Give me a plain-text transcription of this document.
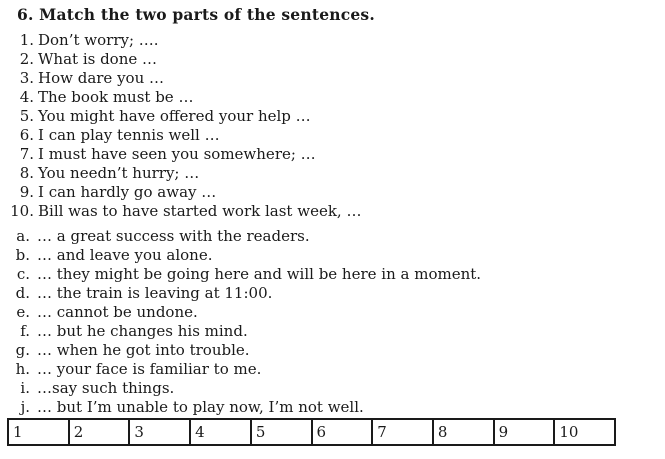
6. Match the two parts of the sentences.
1. Don’t worry; ….
2. What is done …
3. How dare you …
4. The book must be …
5. You might have offered your help …
6. I can play tennis well …
7. I must have seen you somewhere; …
8. You needn’t hurry; …
9. I can hardly go away …
10. Bill was to have started work last week, …
a. … a great success with the readers.
b. … and leave you alone.
c. … they might be going here and will be here in a moment.
d. … the train is leaving at 11:00.
e. … cannot be undone.
f. … but he changes his mind.
g. … when he got into trouble.
h. … your face is familiar to me.
i. …say such things.
j. … but I’m unable to play now, I’m not well.
1	2	3	4	5	6	7	8	9	10
